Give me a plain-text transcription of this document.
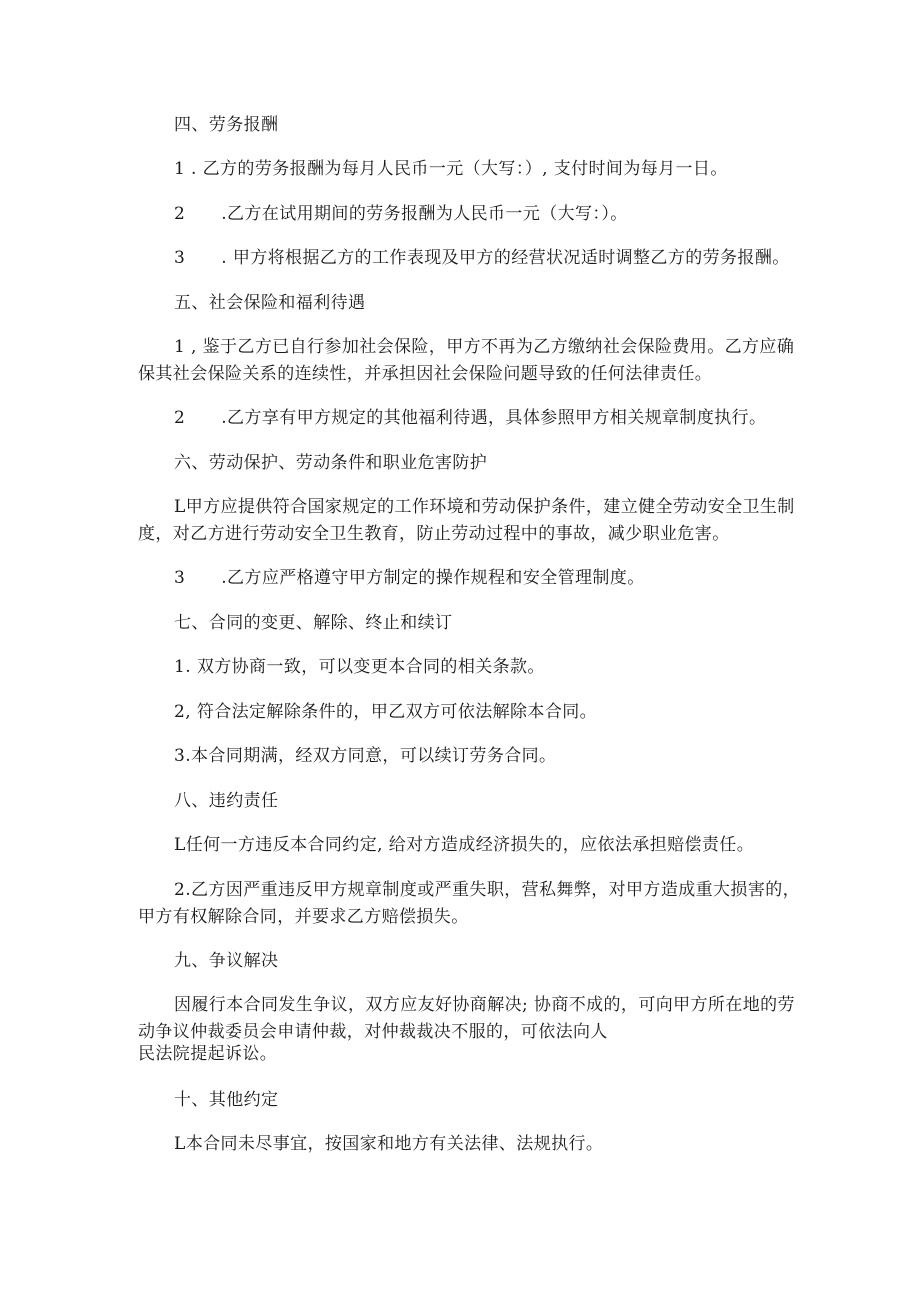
四、劳务报酬
1 . 乙方的劳务报酬为每月人民币一元（大写：）, 支付时间为每月一日。
2 .乙方在试用期间的劳务报酬为人民币一元（大写：）。
3 . 甲方将根据乙方的工作表现及甲方的经营状况适时调整乙方的劳务报酬。
五、社会保险和福利待遇
1 , 鉴于乙方已自行参加社会保险，甲方不再为乙方缴纳社会保险费用。乙方应确
保其社会保险关系的连续性，并承担因社会保险问题导致的任何法律责任。
2 .乙方享有甲方规定的其他福利待遇，具体参照甲方相关规章制度执行。
六、劳动保护、劳动条件和职业危害防护
L甲方应提供符合国家规定的工作环境和劳动保护条件，建立健全劳动安全卫生制
度，对乙方进行劳动安全卫生教育，防止劳动过程中的事故，减少职业危害。
3 .乙方应严格遵守甲方制定的操作规程和安全管理制度。
七、合同的变更、解除、终止和续订
1. 双方协商一致，可以变更本合同的相关条款。
2, 符合法定解除条件的，甲乙双方可依法解除本合同。
3.本合同期满，经双方同意，可以续订劳务合同。
八、违约责任
L任何一方违反本合同约定, 给对方造成经济损失的，应依法承担赔偿责任。
2.乙方因严重违反甲方规章制度或严重失职，营私舞弊，对甲方造成重大损害的，
甲方有权解除合同，并要求乙方赔偿损失。
九、争议解决
因履行本合同发生争议，双方应友好协商解决; 协商不成的，可向甲方所在地的劳
动争议仲裁委员会申请仲裁，对仲裁裁决不服的，可依法向人
民法院提起诉讼。
十、其他约定
L本合同未尽事宜，按国家和地方有关法律、法规执行。
